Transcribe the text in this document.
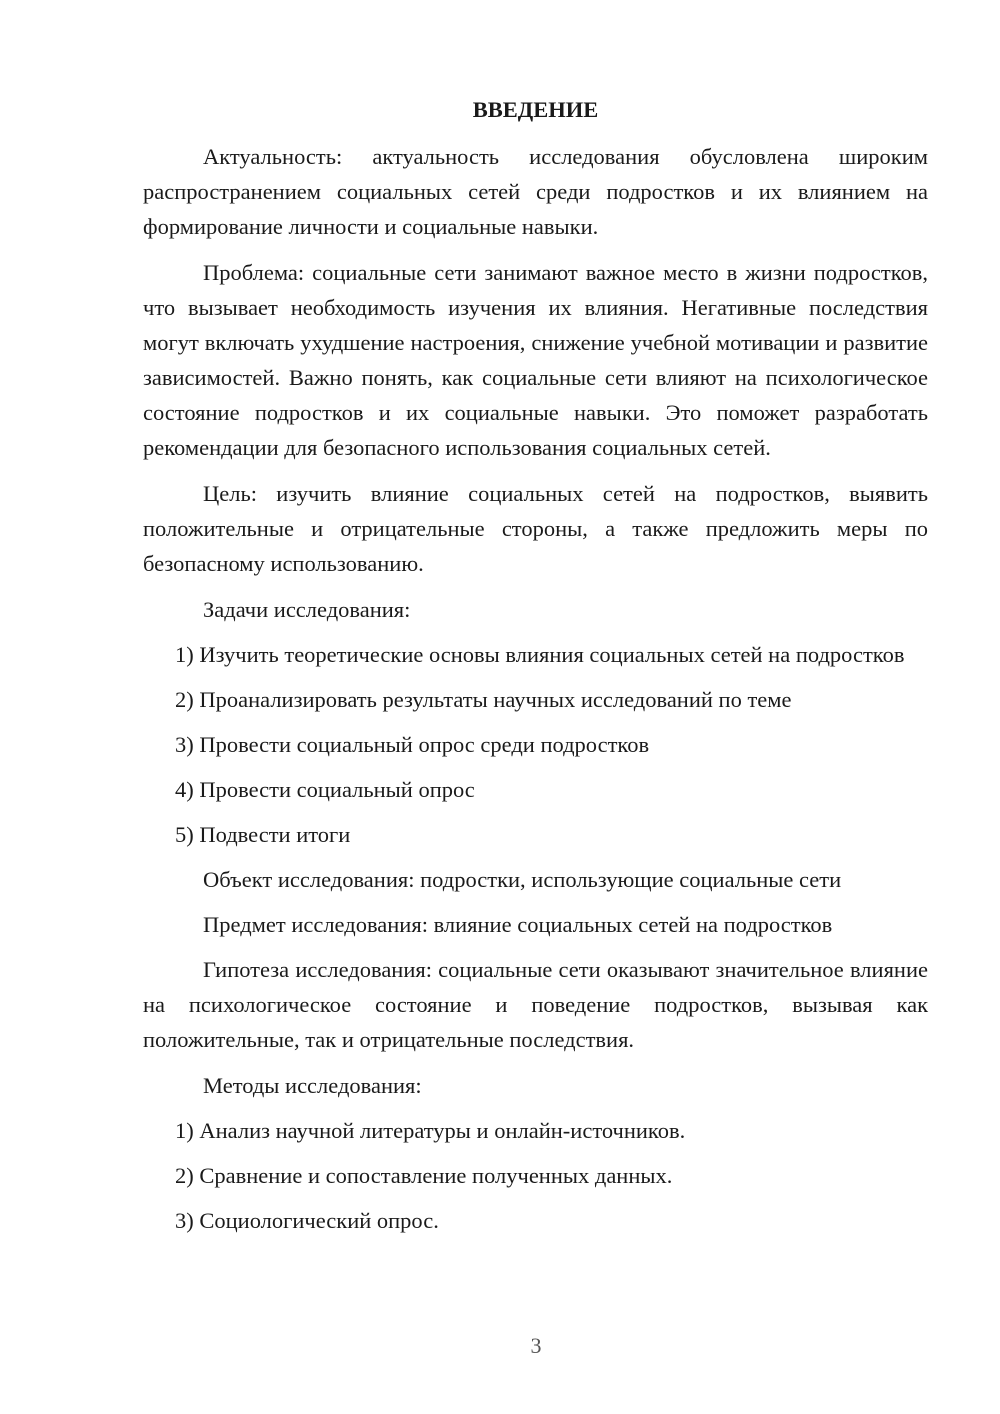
ВВЕДЕНИЕ

Актуальность: актуальность исследования обусловлена широким распространением социальных сетей среди подростков и их влиянием на формирование личности и социальные навыки.

Проблема: социальные сети занимают важное место в жизни подростков, что вызывает необходимость изучения их влияния. Негативные последствия могут включать ухудшение настроения, снижение учебной мотивации и развитие зависимостей. Важно понять, как социальные сети влияют на психологическое состояние подростков и их социальные навыки. Это поможет разработать рекомендации для безопасного использования социальных сетей.

Цель: изучить влияние социальных сетей на подростков, выявить положительные и отрицательные стороны, а также предложить меры по безопасному использованию.

Задачи исследования:

1) Изучить теоретические основы влияния социальных сетей на подростков

2) Проанализировать результаты научных исследований по теме
3) Провести социальный опрос среди подростков
4) Провести социальный опрос
5) Подвести итоги
Объект исследования: подростки, использующие социальные сети
Предмет исследования: влияние социальных сетей на подростков

Гипотеза исследования: социальные сети оказывают значительное влияние на психологическое состояние и поведение подростков, вызывая как положительные, так и отрицательные последствия.

Методы исследования:
1) Анализ научной литературы и онлайн-источников.
2) Сравнение и сопоставление полученных данных.
3) Социологический опрос.
3
